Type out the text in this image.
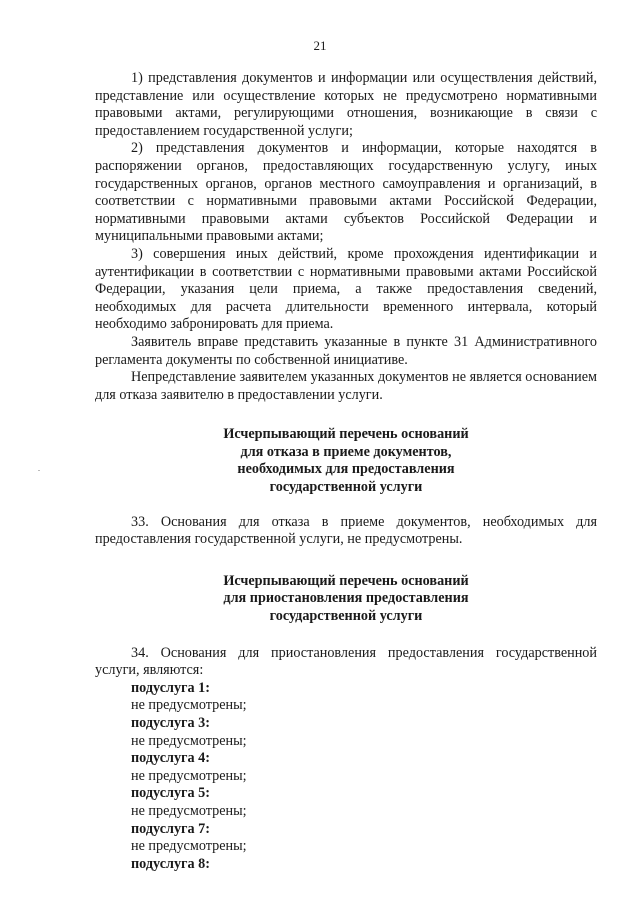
21

1) представления документов и информации или осуществления действий, представление или осуществление которых не предусмотрено нормативными правовыми актами, регулирующими отношения, возникающие в связи с предоставлением государственной услуги;

2) представления документов и информации, которые находятся в распоряжении органов, предоставляющих государственную услугу, иных государственных органов, органов местного самоуправления и организаций, в соответствии с нормативными правовыми актами Российской Федерации, нормативными правовыми актами субъектов Российской Федерации и муниципальными правовыми актами;

3) совершения иных действий, кроме прохождения идентификации и аутентификации в соответствии с нормативными правовыми актами Российской Федерации, указания цели приема, а также предоставления сведений, необходимых для расчета длительности временного интервала, который необходимо забронировать для приема.

Заявитель вправе представить указанные в пункте 31 Административного регламента документы по собственной инициативе.

Непредставление заявителем указанных документов не является основанием для отказа заявителю в предоставлении услуги.

Исчерпывающий перечень оснований
для отказа в приеме документов,
необходимых для предоставления
государственной услуги

33. Основания для отказа в приеме документов, необходимых для предоставления государственной услуги, не предусмотрены.

Исчерпывающий перечень оснований
для приостановления предоставления
государственной услуги

34. Основания для приостановления предоставления государственной услуги, являются:

подуслуга 1:

не предусмотрены;

подуслуга 3:

не предусмотрены;

подуслуга 4:

не предусмотрены;

подуслуга 5:

не предусмотрены;

подуслуга 7:

не предусмотрены;

подуслуга 8:
